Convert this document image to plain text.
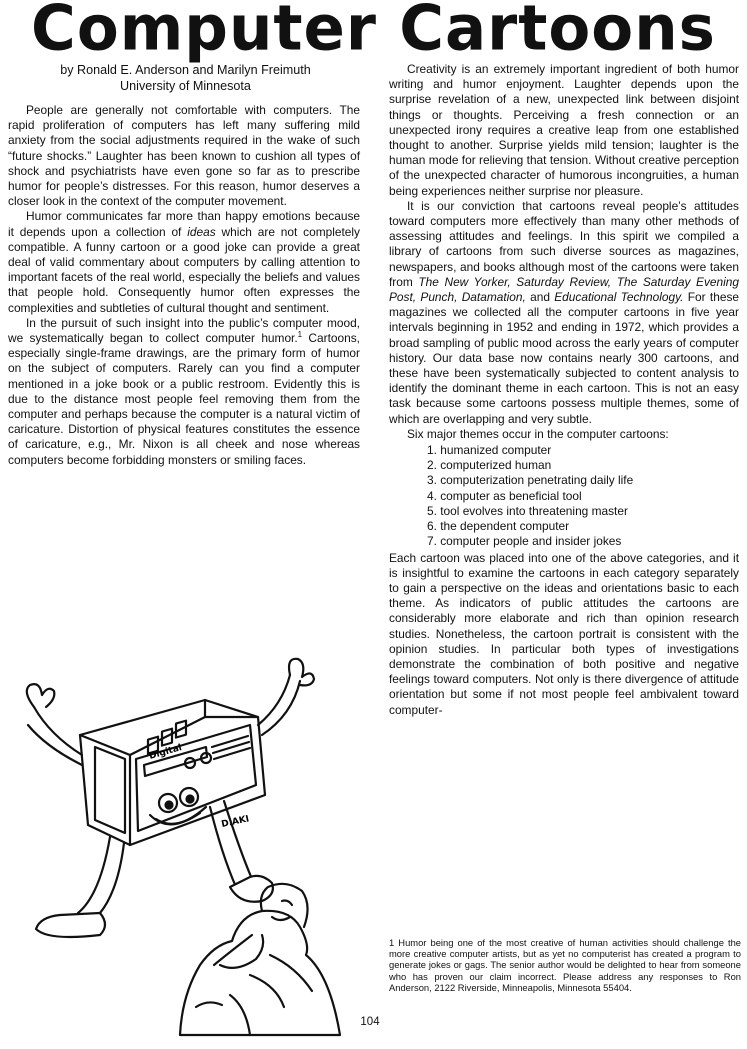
Computer Cartoons
by Ronald E. Anderson and Marilyn Freimuth
University of Minnesota

People are generally not comfortable with computers. The rapid proliferation of computers has left many suffering mild anxiety from the social adjustments required in the wake of such “future shocks.” Laughter has been known to cushion all types of shock and psychiatrists have even gone so far as to prescribe humor for people’s distresses. For this reason, humor deserves a closer look in the context of the computer movement.

Humor communicates far more than happy emotions because it depends upon a collection of ideas which are not completely compatible. A funny cartoon or a good joke can provide a great deal of valid commentary about computers by calling attention to important facets of the real world, especially the beliefs and values that people hold. Consequently humor often expresses the complexities and subtleties of cultural thought and sentiment.

In the pursuit of such insight into the public’s computer mood, we systematically began to collect computer humor.$^1$ Cartoons, especially single-frame drawings, are the primary form of humor on the subject of computers. Rarely can you find a computer mentioned in a joke book or a public restroom. Evidently this is due to the distance most people feel removing them from the computer and perhaps because the computer is a natural victim of caricature. Distortion of physical features constitutes the essence of caricature, e.g., Mr. Nixon is all cheek and nose whereas computers become forbidding monsters or smiling faces.

Creativity is an extremely important ingredient of both humor writing and humor enjoyment. Laughter depends upon the surprise revelation of a new, unexpected link between disjoint things or thoughts. Perceiving a fresh connection or an unexpected irony requires a creative leap from one established thought to another. Surprise yields mild tension; laughter is the human mode for relieving that tension. Without creative perception of the unexpected character of humorous incongruities, a human being experiences neither surprise nor pleasure.

It is our conviction that cartoons reveal people’s attitudes toward computers more effectively than many other methods of assessing attitudes and feelings. In this spirit we compiled a library of cartoons from such diverse sources as magazines, newspapers, and books although most of the cartoons were taken from The New Yorker, Saturday Review, The Saturday Evening Post, Punch, Datamation, and Educational Technology. For these magazines we collected all the computer cartoons in five year intervals beginning in 1952 and ending in 1972, which provides a broad sampling of public mood across the early years of computer history. Our data base now contains nearly 300 cartoons, and these have been systematically subjected to content analysis to identify the dominant theme in each cartoon. This is not an easy task because some cartoons possess multiple themes, some of which are overlapping and very subtle.

Six major themes occur in the computer cartoons:

1. humanized computer
2. computerized human
3. computerization penetrating daily life
4. computer as beneficial tool
5. tool evolves into threatening master
6. the dependent computer
7. computer people and insider jokes

Each cartoon was placed into one of the above categories, and it is insightful to examine the cartoons in each category separately to gain a perspective on the ideas and orientations basic to each theme. As indicators of public attitudes the cartoons are considerably more elaborate and rich than opinion research studies. Nonetheless, the cartoon portrait is consistent with the opinion studies. In particular both types of investigations demonstrate the combination of both positive and negative feelings toward computers. Not only is there divergence of attitude orientation but some if not most people feel ambivalent toward computer-

1 Humor being one of the most creative of human activities should challenge the more creative computer artists, but as yet no computerist has created a program to generate jokes or gags. The senior author would be delighted to hear from someone who has proven our claim incorrect. Please address any responses to Ron Anderson, 2122 Riverside, Minneapolis, Minnesota 55404.

104
Digital
D.AKI
